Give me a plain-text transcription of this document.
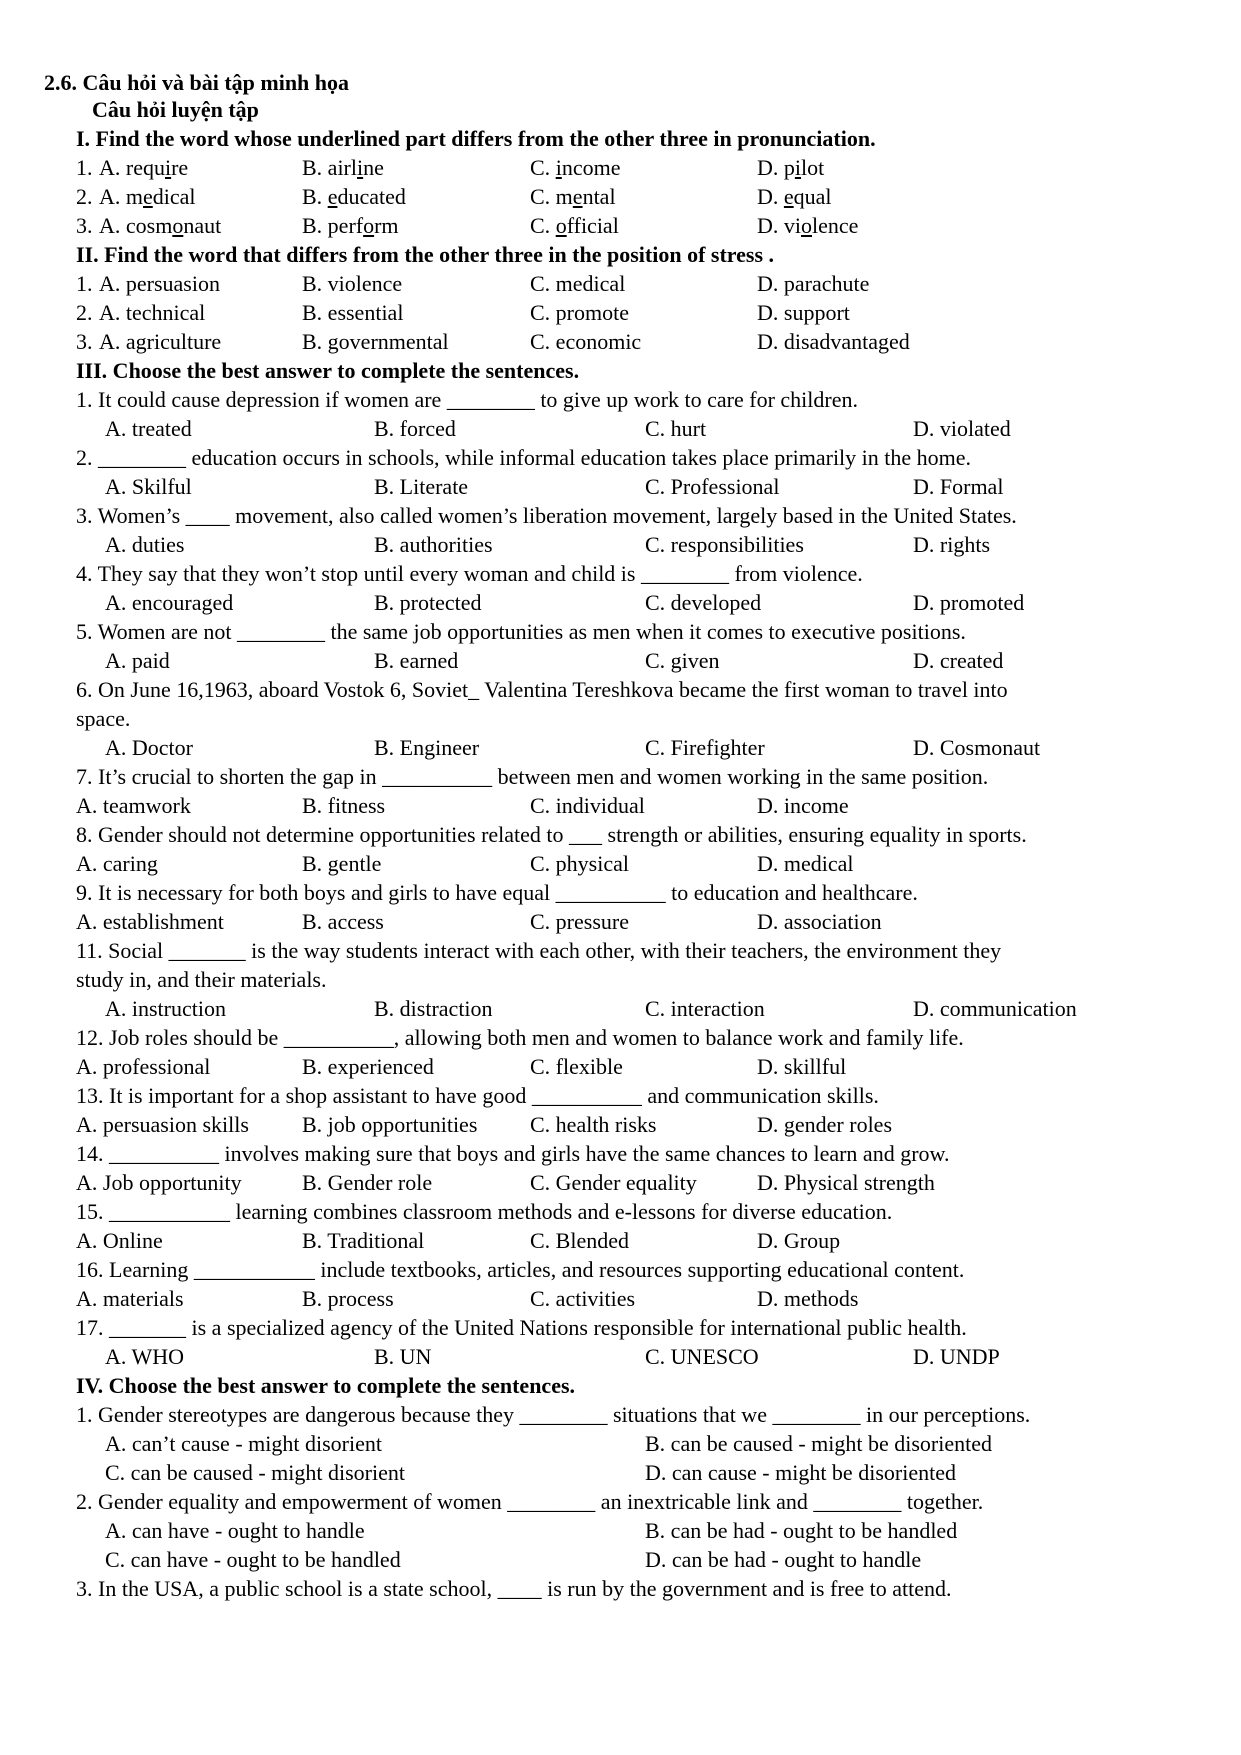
2.6. Câu hỏi và bài tập minh họa
Câu hỏi luyện tập
I. Find the word whose underlined part differs from the other three in pronunciation.
1. A. require	B. airline	C. income	D. pilot
2. A. medical	B. educated	C. mental	D. equal
3. A. cosmonaut	B. perform	C. official	D. violence
II. Find the word that differs from the other three in the position of stress .
1. A. persuasion	B. violence	C. medical	D. parachute
2. A. technical	B. essential	C. promote	D. support
3. A. agriculture	B. governmental	C. economic	D. disadvantaged
III. Choose the best answer to complete the sentences.
1. It could cause depression if women are ________ to give up work to care for children.
A. treated	B. forced	C. hurt	D. violated
2. ________ education occurs in schools, while informal education takes place primarily in the home.
A. Skilful	B. Literate	C. Professional	D. Formal
3. Women’s ____ movement, also called women’s liberation movement, largely based in the United States.
A. duties	B. authorities	C. responsibilities	D. rights
4. They say that they won’t stop until every woman and child is ________ from violence.
A. encouraged	B. protected	C. developed	D. promoted
5. Women are not ________ the same job opportunities as men when it comes to executive positions.
A. paid	B. earned	C. given	D. created
6. On June 16,1963, aboard Vostok 6, Soviet_ Valentina Tereshkova became the first woman to travel into
space.
A. Doctor	B. Engineer	C. Firefighter	D. Cosmonaut
7. It’s crucial to shorten the gap in __________ between men and women working in the same position.
A. teamwork	B. fitness	C. individual	D. income
8. Gender should not determine opportunities related to ___ strength or abilities, ensuring equality in sports.
A. caring	B. gentle	C. physical	D. medical
9. It is necessary for both boys and girls to have equal __________ to education and healthcare.
A. establishment	B. access	C. pressure	D. association
11. Social _______ is the way students interact with each other, with their teachers, the environment they
study in, and their materials.
A. instruction	B. distraction	C. interaction	D. communication
12. Job roles should be __________, allowing both men and women to balance work and family life.
A. professional	B. experienced	C. flexible	D. skillful
13. It is important for a shop assistant to have good __________ and communication skills.
A. persuasion skills B. job opportunities C. health risks	D. gender roles
14. __________ involves making sure that boys and girls have the same chances to learn and grow.
A. Job opportunity	B. Gender role	C. Gender equality	D. Physical strength
15. ___________ learning combines classroom methods and e-lessons for diverse education.
A. Online	B. Traditional	C. Blended	D. Group
16. Learning ___________ include textbooks, articles, and resources supporting educational content.
A. materials	B. process	C. activities	D. methods
17. _______ is a specialized agency of the United Nations responsible for international public health.
A. WHO	B. UN	C. UNESCO	D. UNDP
IV. Choose the best answer to complete the sentences.
1. Gender stereotypes are dangerous because they ________ situations that we ________ in our perceptions.
A. can’t cause - might disorient	B. can be caused - might be disoriented
C. can be caused - might disorient	D. can cause - might be disoriented
2. Gender equality and empowerment of women ________ an inextricable link and ________ together.
A. can have - ought to handle	B. can be had - ought to be handled
C. can have - ought to be handled	D. can be had - ought to handle
3. In the USA, a public school is a state school, ____ is run by the government and is free to attend.
